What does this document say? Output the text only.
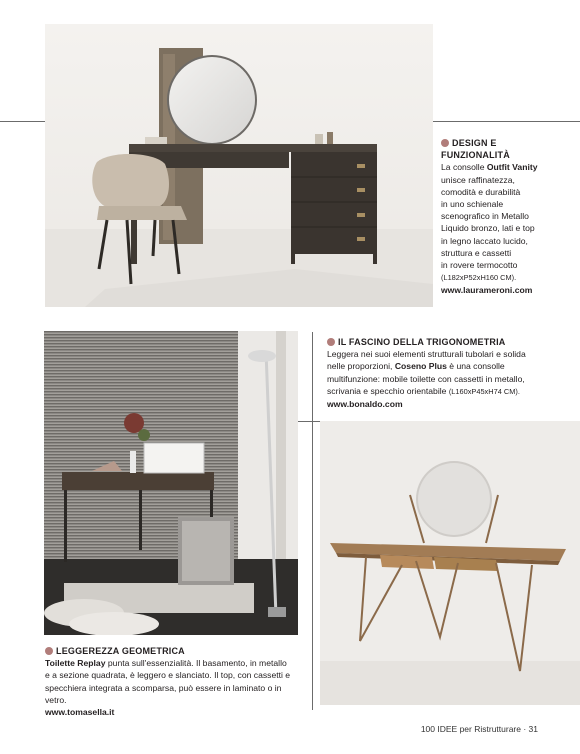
DESIGN E
FUNZIONALITÀ
La consolle Outfit Vanity
unisce raffinatezza,
comodità e durabilità
in uno schienale
scenografico in Metallo
Liquido bronzo, lati e top
in legno laccato lucido,
struttura e cassetti
in rovere termocotto
(L182xP52xH160 CM).
www.laurameroni.com
LEGGEREZZA GEOMETRICA
Toilette Replay punta sull'essenzialità. Il basamento, in metallo e a sezione quadrata, è leggero e slanciato. Il top, con cassetti e specchiera integrata a scomparsa, può essere in laminato o in vetro.
www.tomasella.it
IL FASCINO DELLA TRIGONOMETRIA
Leggera nei suoi elementi strutturali tubolari e solida nelle proporzioni, Coseno Plus è una consolle multifunzione: mobile toilette con cassetti in metallo, scrivania e specchio orientabile (L160xP45xH74 CM).
www.bonaldo.com
100 IDEE per Ristrutturare · 31
